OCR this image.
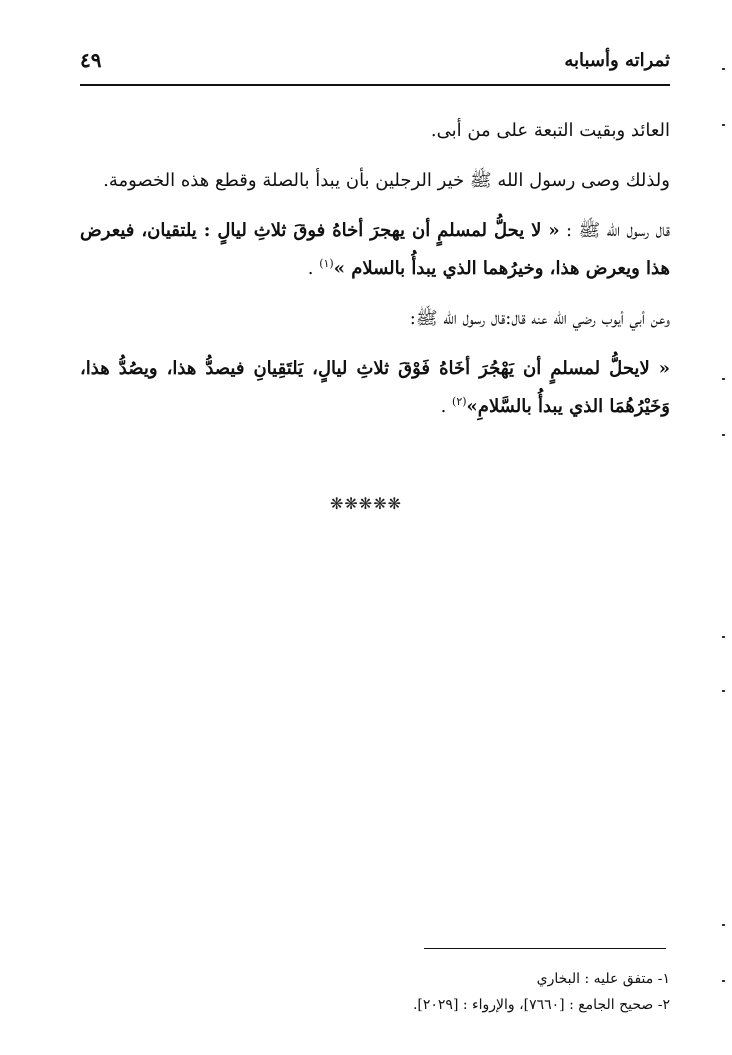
ثمراته وأسبابه
٤٩

العائد وبقيت التبعة على من أبى.

ولذلك وصى رسول الله ﷺ خير الرجلين بأن يبدأ بالصلة وقطع هذه الخصومة.

قال رسول الله ﷺ : « لا يحلُّ لمسلمٍ أن يهجرَ أخاهُ فوقَ ثلاثِ ليالٍ : يلتقيان، فيعرض هذا ويعرض هذا، وخيرُهما الذي يبدأُ بالسلام »$^{(١)}$ .

وعن أبي أيوب رضي الله عنه قال:قال رسول الله ﷺ:

« لايحلُّ لمسلمٍ أن يَهْجُرَ أخَاهُ فَوْقَ ثلاثِ ليالٍ، يَلتَقِيانِ فيصدُّ هذا، ويصُدُّ هذا، وَخَيْرُهُمَا الذي يبدأُ بالسَّلامِ»$^{(٢)}$ .

❋❋❋❋❋

١- متفق عليه : البخاري

٢- صحيح الجامع : [٧٦٦٠]، والإرواء : [٢٠٢٩].
